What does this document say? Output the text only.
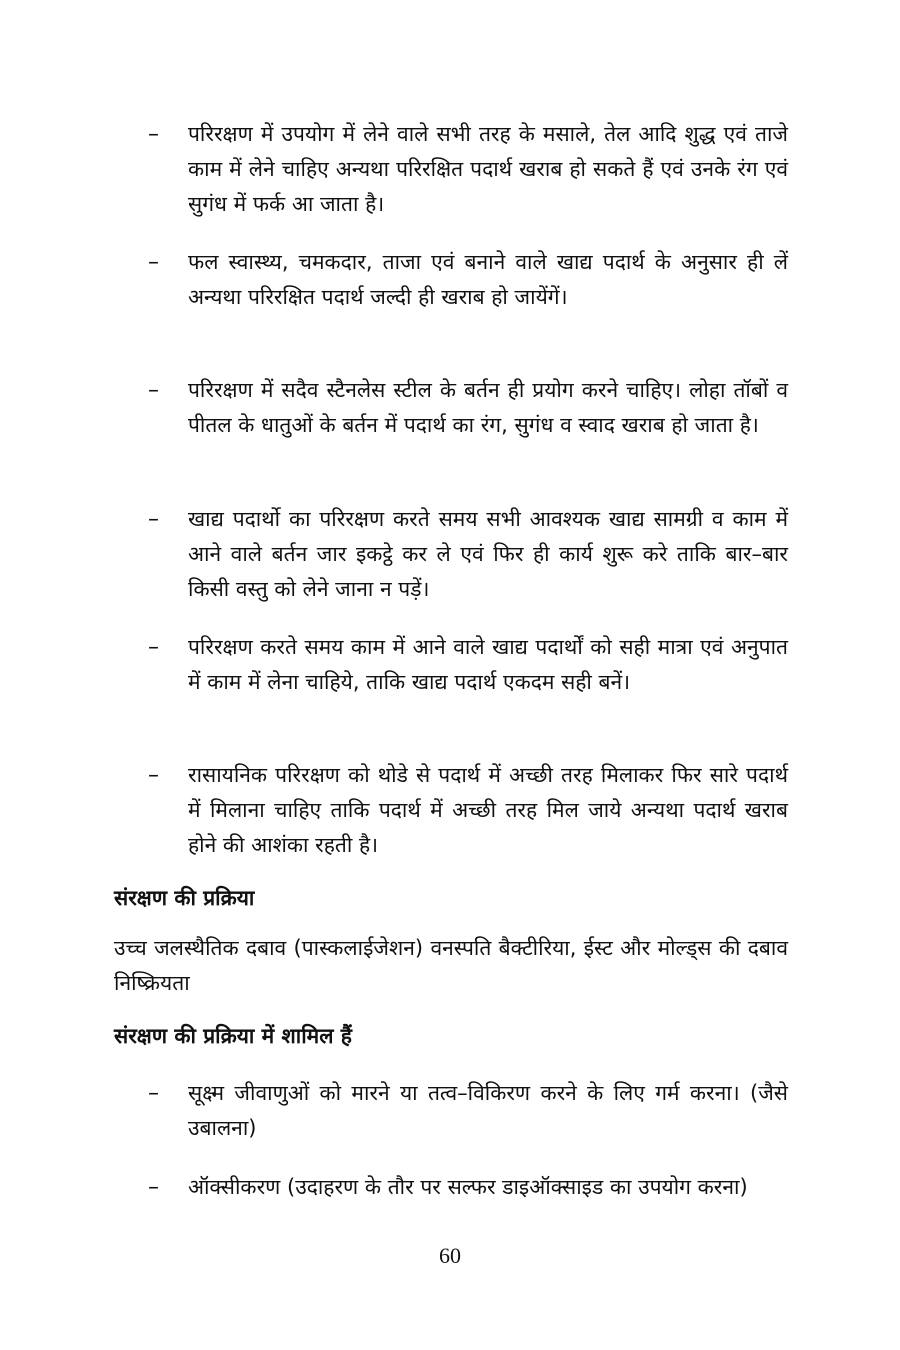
–	परिरक्षण में उपयोग में लेने वाले सभी तरह के मसाले, तेल आदि शुद्ध एवं ताजे काम में लेने चाहिए अन्यथा परिरक्षित पदार्थ खराब हो सकते हैं एवं उनके रंग एवं सुगंध में फर्क आ जाता है।
–	फल स्वास्थ्य, चमकदार, ताजा एवं बनाने वाले खाद्य पदार्थ के अनुसार ही लें अन्यथा परिरक्षित पदार्थ जल्दी ही खराब हो जायेंगें।
–	परिरक्षण में सदैव स्टैनलेस स्टील के बर्तन ही प्रयोग करने चाहिए। लोहा तॉबों व पीतल के धातुओं के बर्तन में पदार्थ का रंग, सुगंध व स्वाद खराब हो जाता है।
–	खाद्य पदार्थो का परिरक्षण करते समय सभी आवश्यक खाद्य सामग्री व काम में आने वाले बर्तन जार इकट्ठे कर ले एवं फिर ही कार्य शुरू करे ताकि बार–बार किसी वस्तु को लेने जाना न पड़ें।
–	परिरक्षण करते समय काम में आने वाले खाद्य पदार्थों को सही मात्रा एवं अनुपात में काम में लेना चाहिये, ताकि खाद्य पदार्थ एकदम सही बनें।
–	रासायनिक परिरक्षण को थोडे से पदार्थ में अच्छी तरह मिलाकर फिर सारे पदार्थ में मिलाना चाहिए ताकि पदार्थ में अच्छी तरह मिल जाये अन्यथा पदार्थ खराब होने की आशंका रहती है।
संरक्षण की प्रक्रिया
उच्च जलस्थैतिक दबाव (पास्कलाईजेशन) वनस्पति बैक्टीरिया, ईस्ट और मोल्ड्स की दबाव निष्क्रियता
संरक्षण की प्रक्रिया में शामिल हैं
–	सूक्ष्म जीवाणुओं को मारने या तत्व–विकिरण करने के लिए गर्म करना। (जैसे उबालना)
–	ऑक्सीकरण (उदाहरण के तौर पर सल्फर डाइऑक्साइड का उपयोग करना)
60
